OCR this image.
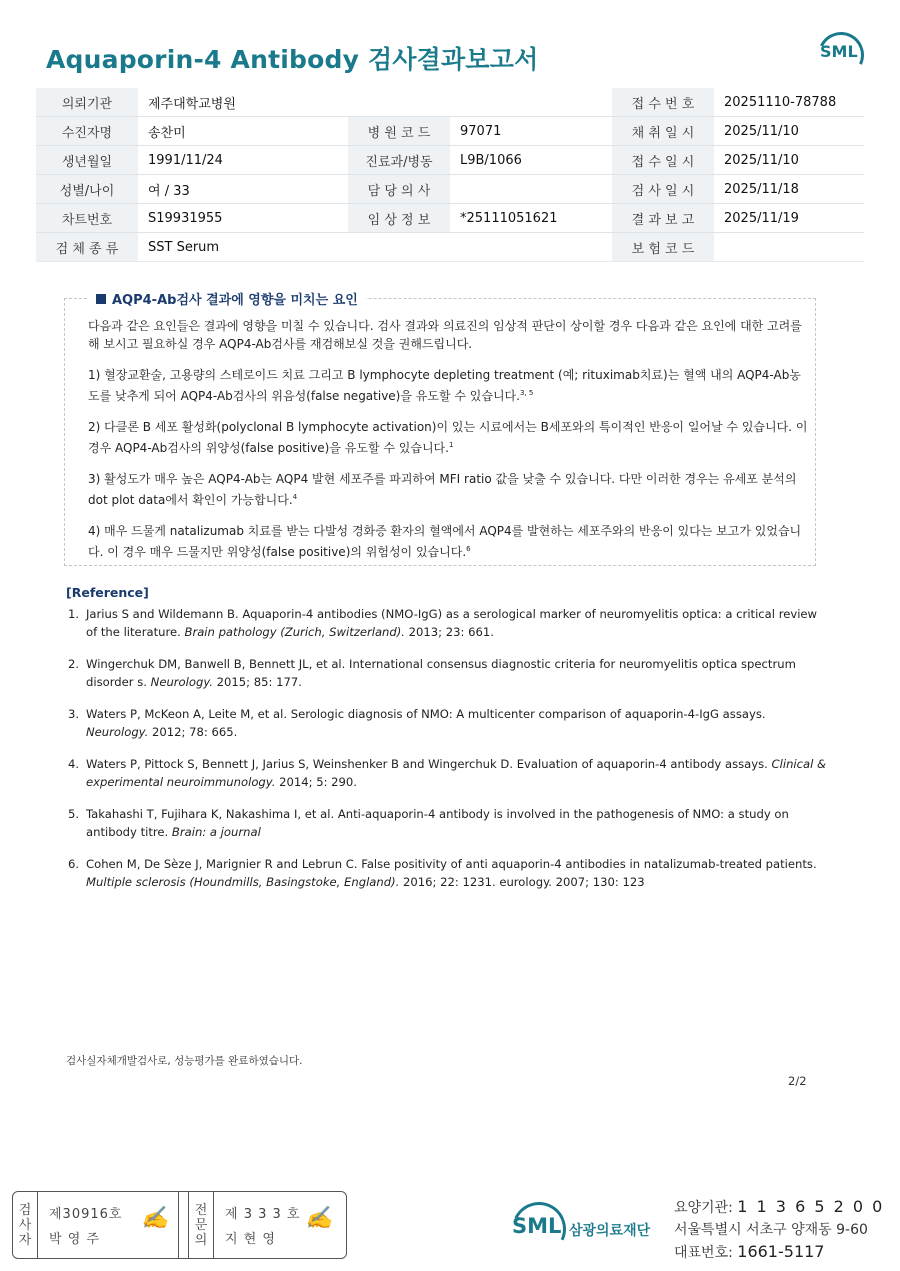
Aquaporin-4 Antibody 검사결과보고서	SML
의뢰기관	제주대학교병원			접 수 번 호	20251110-78788
수진자명	송찬미	병 원 코 드	97071	채 취 일 시	2025/11/10
생년월일	1991/11/24	진료과/병동	L9B/1066	접 수 일 시	2025/11/10
성별/나이	여 / 33	담 당 의 사		검 사 일 시	2025/11/18
차트번호	S19931955	임 상 정 보	*25111051621	결 과 보 고	2025/11/19
검 체 종 류	SST Serum			보 험 코 드	
AQP4-Ab검사 결과에 영향을 미치는 요인

다음과 같은 요인들은 결과에 영향을 미칠 수 있습니다. 검사 결과와 의료진의 임상적 판단이 상이할 경우 다음과 같은 요인에 대한 고려를 해 보시고 필요하실 경우 AQP4-Ab검사를 재검해보실 것을 권해드립니다.

1) 혈장교환술, 고용량의 스테로이드 치료 그리고 B lymphocyte depleting treatment (예; rituximab치료)는 혈액 내의 AQP4-Ab농도를 낮추게 되어 AQP4-Ab검사의 위음성(false negative)을 유도할 수 있습니다.$^{3, 5}$

2) 다클론 B 세포 활성화(polyclonal B lymphocyte activation)이 있는 시료에서는 B세포와의 특이적인 반응이 일어날 수 있습니다. 이 경우 AQP4-Ab검사의 위양성(false positive)을 유도할 수 있습니다.$^1$

3) 활성도가 매우 높은 AQP4-Ab는 AQP4 발현 세포주를 파괴하여 MFI ratio 값을 낮출 수 있습니다. 다만 이러한 경우는 유세포 분석의 dot plot data에서 확인이 가능합니다.$^4$

4) 매우 드물게 natalizumab 치료를 받는 다발성 경화증 환자의 혈액에서 AQP4를 발현하는 세포주와의 반응이 있다는 보고가 있었습니다. 이 경우 매우 드물지만 위양성(false positive)의 위험성이 있습니다.$^6$

[Reference]
1. Jarius S and Wildemann B. Aquaporin-4 antibodies (NMO-IgG) as a serological marker of neuromyelitis optica: a critical review of the literature. Brain pathology (Zurich, Switzerland). 2013; 23: 661.
2. Wingerchuk DM, Banwell B, Bennett JL, et al. International consensus diagnostic criteria for neuromyelitis optica spectrum disorder s. Neurology. 2015; 85: 177.
3. Waters P, McKeon A, Leite M, et al. Serologic diagnosis of NMO: A multicenter comparison of aquaporin-4-IgG assays. Neurology. 2012; 78: 665.
4. Waters P, Pittock S, Bennett J, Jarius S, Weinshenker B and Wingerchuk D. Evaluation of aquaporin-4 antibody assays. Clinical & experimental neuroimmunology. 2014; 5: 290.
5. Takahashi T, Fujihara K, Nakashima I, et al. Anti-aquaporin-4 antibody is involved in the pathogenesis of NMO: a study on antibody titre. Brain: a journal
6. Cohen M, De Sèze J, Marignier R and Lebrun C. False positivity of anti aquaporin-4 antibodies in natalizumab-treated patients. Multiple sclerosis (Houndmills, Basingstoke, England). 2016; 22: 1231. eurology. 2007; 130: 123
검사실자체개발검사로, 성능평가를 완료하였습니다.
2/2
검
사
자
제30916호
박 영 주
✍ 전
문
의
제 3 3 3 호
지 현 영
✍	SML 삼광의료재단
요양기관: 1 1 3 6 5 2 0 0
서울특별시 서초구 양재동 9-60
대표번호: 1661-5117
